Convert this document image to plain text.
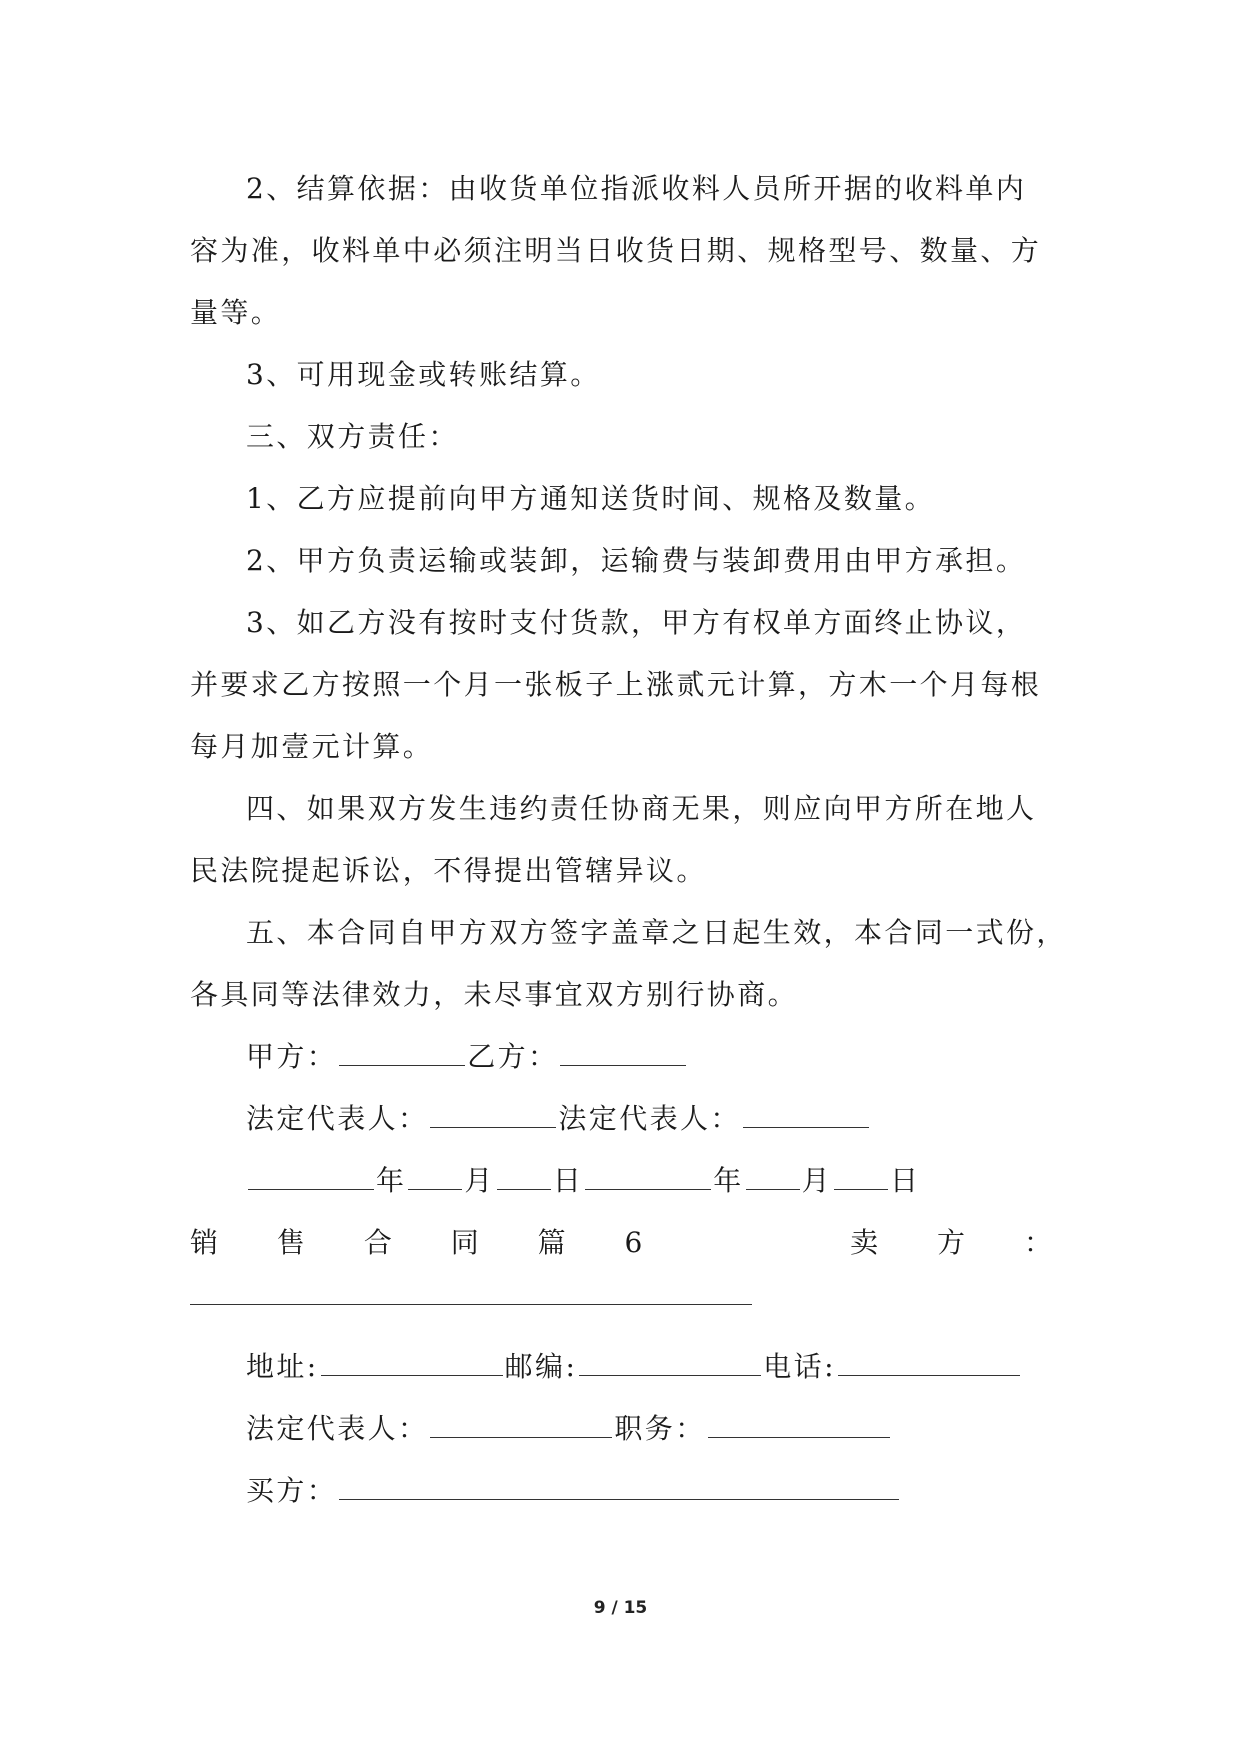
2、结算依据：由收货单位指派收料人员所开据的收料单内
容为准，收料单中必须注明当日收货日期、规格型号、数量、方
量等。
3、可用现金或转账结算。
三、双方责任：
1、乙方应提前向甲方通知送货时间、规格及数量。
2、甲方负责运输或装卸，运输费与装卸费用由甲方承担。
3、如乙方没有按时支付货款，甲方有权单方面终止协议，
并要求乙方按照一个月一张板子上涨贰元计算，方木一个月每根
每月加壹元计算。
四、如果双方发生违约责任协商无果，则应向甲方所在地人
民法院提起诉讼，不得提出管辖异议。
五、本合同自甲方双方签字盖章之日起生效，本合同一式份，
各具同等法律效力，未尽事宜双方别行协商。
甲方：	乙方：
法定代表人：	法定代表人：
年 月 日	年 月 日
销 售 合 同 篇 6	卖 方 ：
地址:	邮编:	电话:
法定代表人：	职务：
买方：
9 / 15
